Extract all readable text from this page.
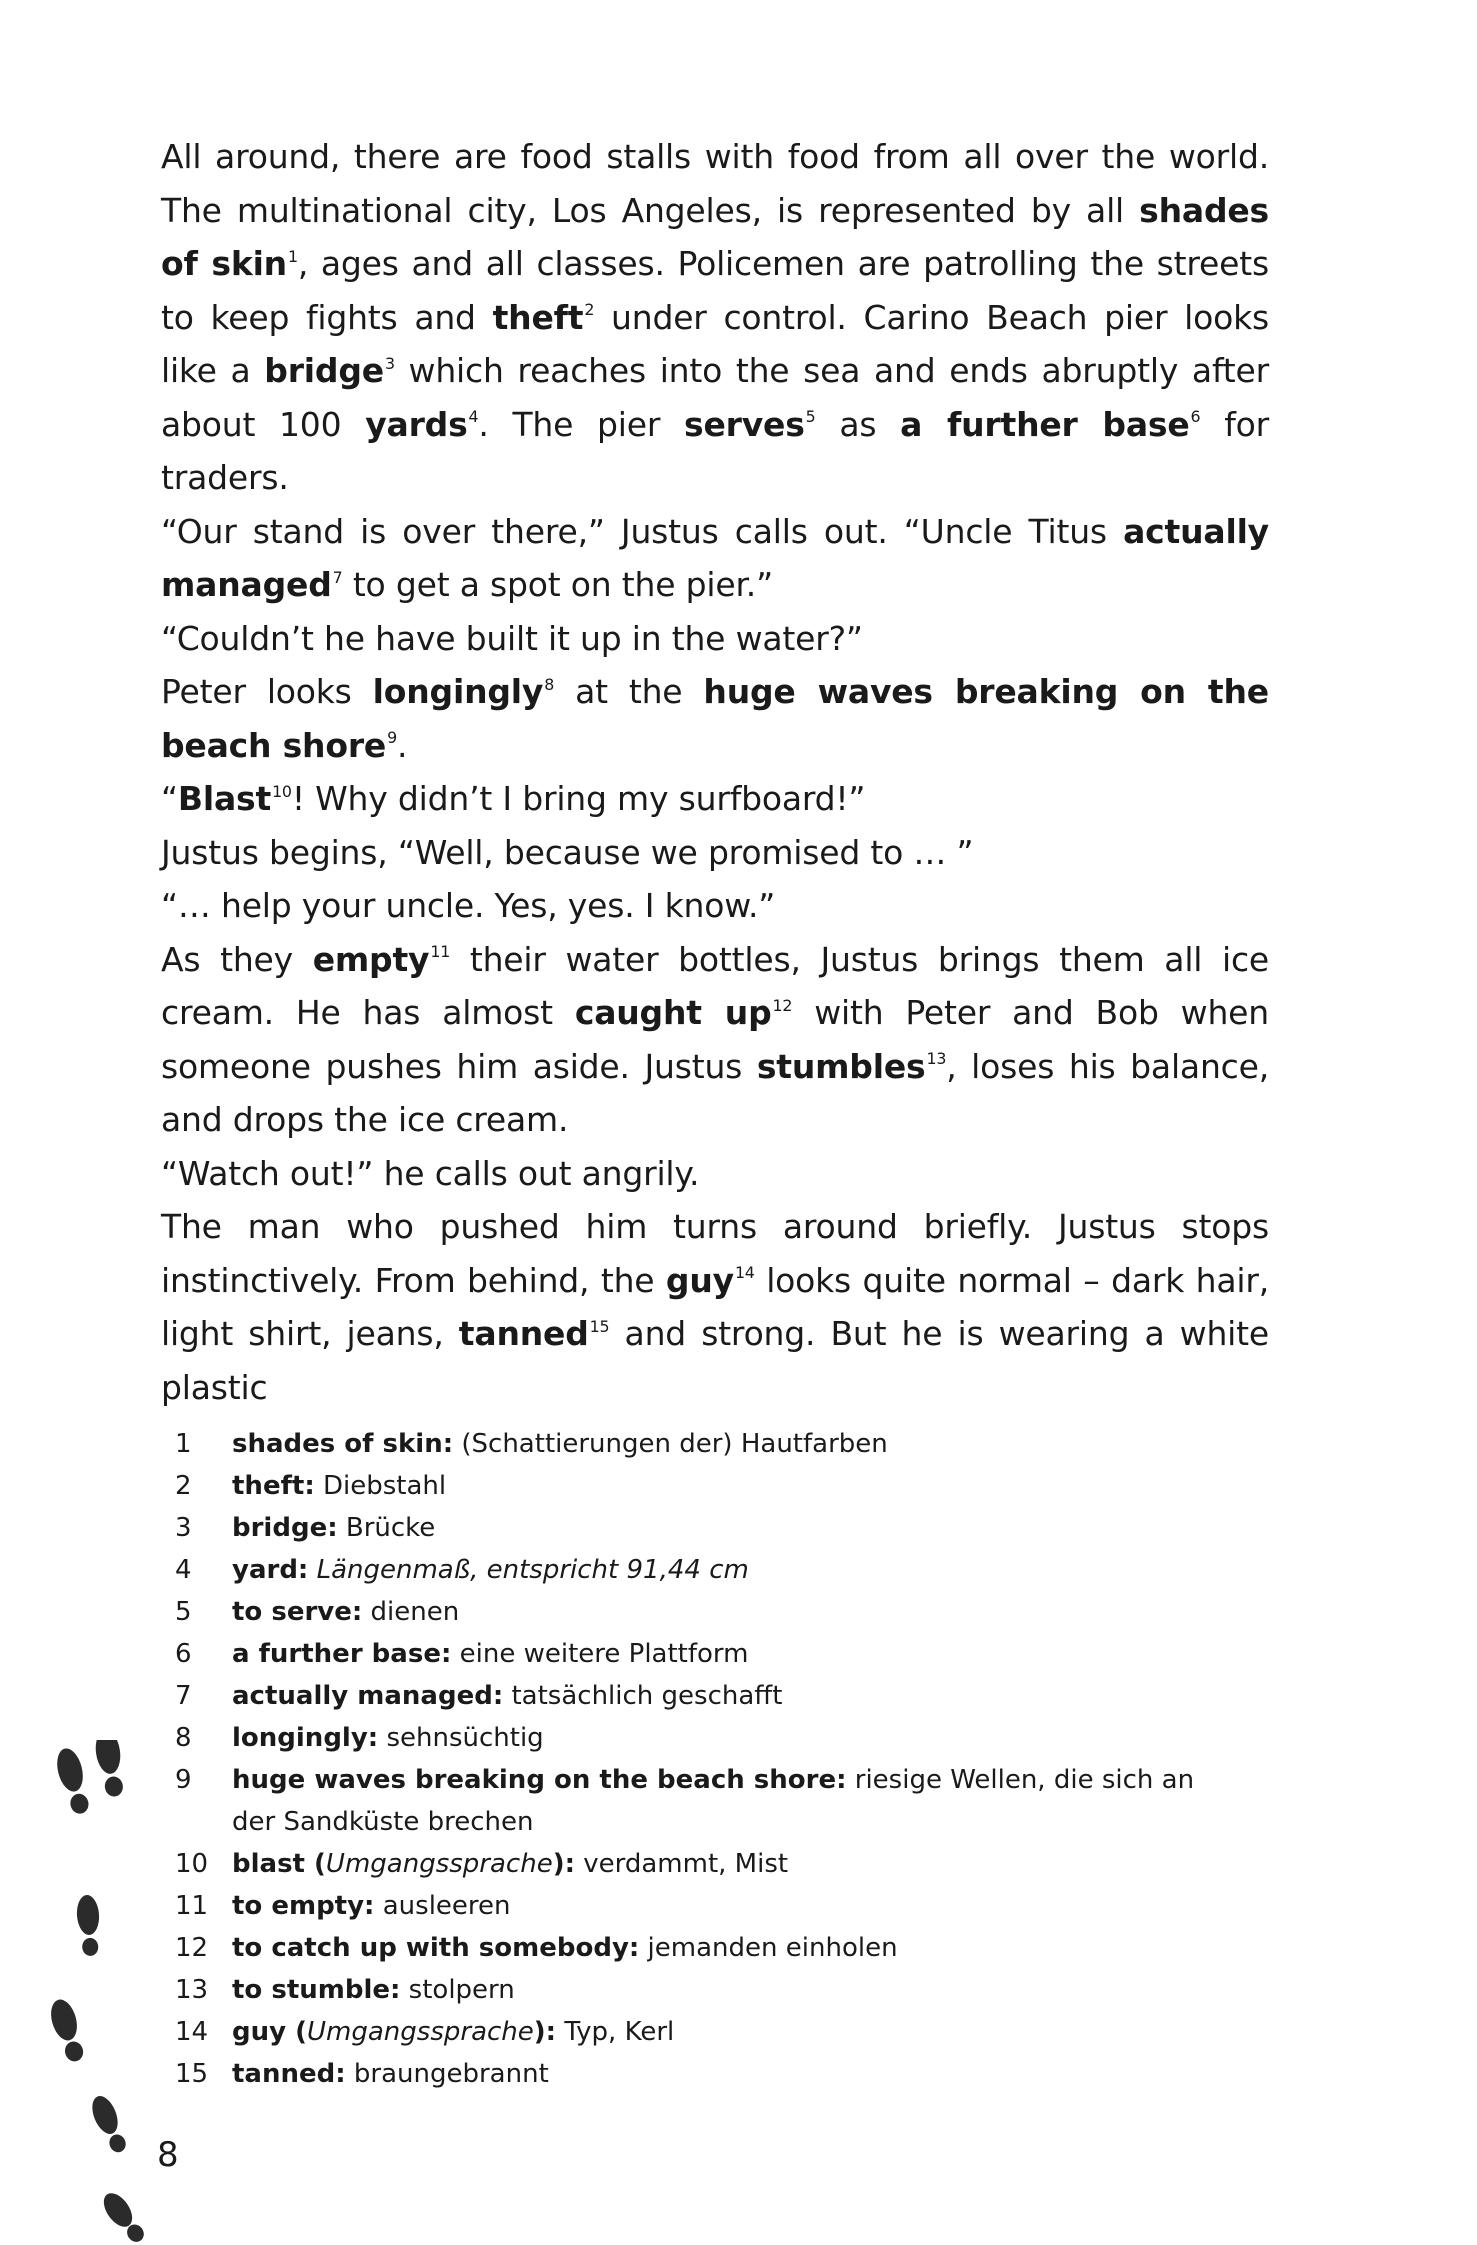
All around, there are food stalls with food from all over the world. The multinational city, Los Angeles, is represented by all shades of skin$^1$, ages and all classes. Policemen are patrolling the streets to keep fights and theft$^2$ under control. Carino Beach pier looks like a bridge$^3$ which reaches into the sea and ends abruptly after about 100 yards$^4$. The pier serves$^5$ as a further base$^6$ for traders.

“Our stand is over there,” Justus calls out. “Uncle Titus actually managed$^7$ to get a spot on the pier.”

“Couldn’t he have built it up in the water?”

Peter looks longingly$^8$ at the huge waves breaking on the beach shore$^9$.

“Blast$^{10}$! Why didn’t I bring my surfboard!”

Justus begins, “Well, because we promised to … ”

“… help your uncle. Yes, yes. I know.”

As they empty$^{11}$ their water bottles, Justus brings them all ice cream. He has almost caught up$^{12}$ with Peter and Bob when someone pushes him aside. Justus stumbles$^{13}$, loses his balance, and drops the ice cream.

“Watch out!” he calls out angrily.

The man who pushed him turns around briefly. Justus stops instinctively. From behind, the guy$^{14}$ looks quite normal – dark hair, light shirt, jeans, tanned$^{15}$ and strong. But he is wearing a white plastic

1	shades of skin: (Schattierungen der) Hautfarben
2	theft: Diebstahl
3	bridge: Brücke
4	yard: Längenmaß, entspricht 91,44 cm
5	to serve: dienen
6	a further base: eine weitere Plattform
7	actually managed: tatsächlich geschafft
8	longingly: sehnsüchtig
9	huge waves breaking on the beach shore: riesige Wellen, die sich an der Sandküste brechen
10 blast (Umgangssprache): verdammt, Mist
11 to empty: ausleeren
12 to catch up with somebody: jemanden einholen
13 to stumble: stolpern
14 guy (Umgangssprache): Typ, Kerl
15 tanned: braungebrannt
8
